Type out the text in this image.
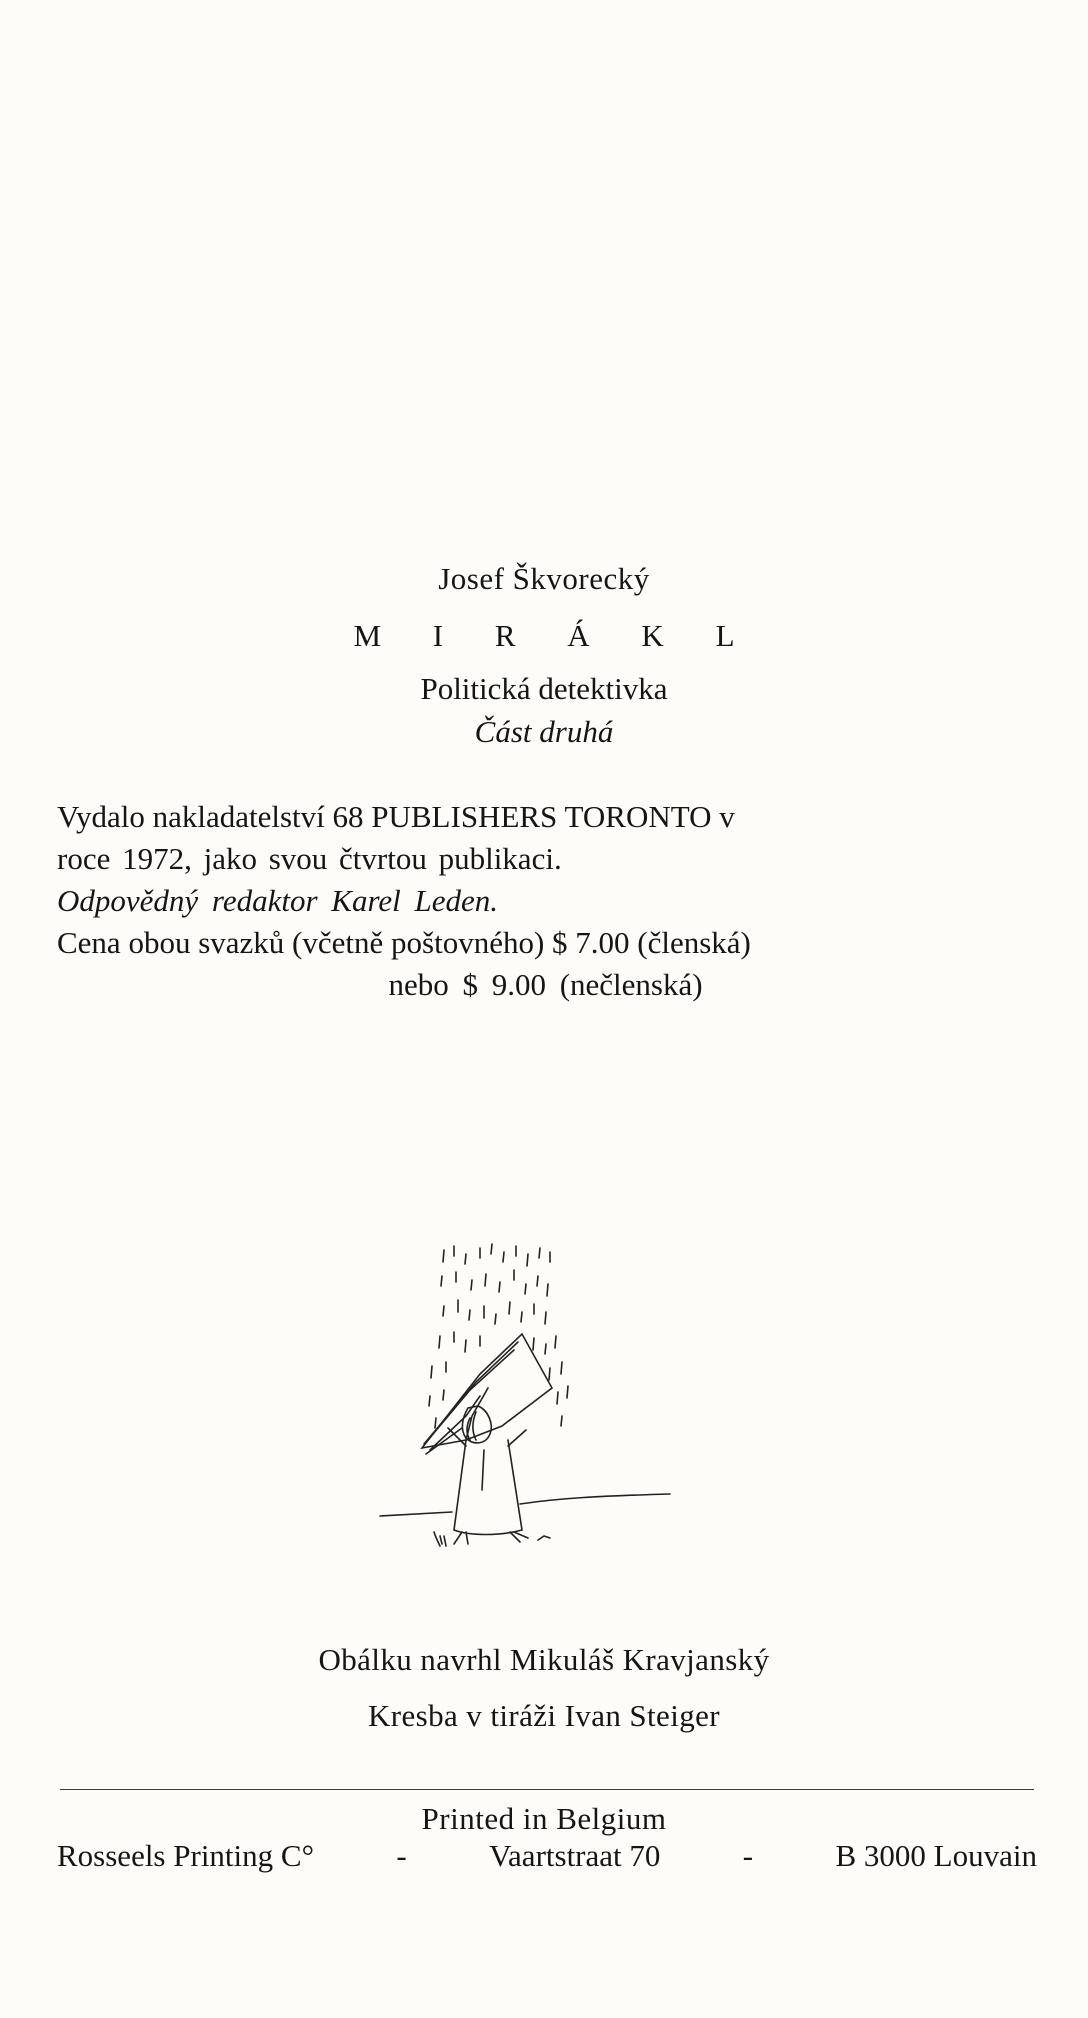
Josef Škvorecký
M I R Á K L
Politická detektivka
Část druhá
Vydalo nakladatelství 68 PUBLISHERS TORONTO v
roce 1972, jako svou čtvrtou publikaci.
Odpovědný redaktor Karel Leden.
Cena obou svazků (včetně poštovného) $ 7.00 (členská)
nebo $ 9.00 (nečlenská)
Obálku navrhl Mikuláš Kravjanský
Kresba v tiráži Ivan Steiger
Printed in Belgium
Rosseels Printing C°	-	Vaartstraat 70	-	B 3000 Louvain
